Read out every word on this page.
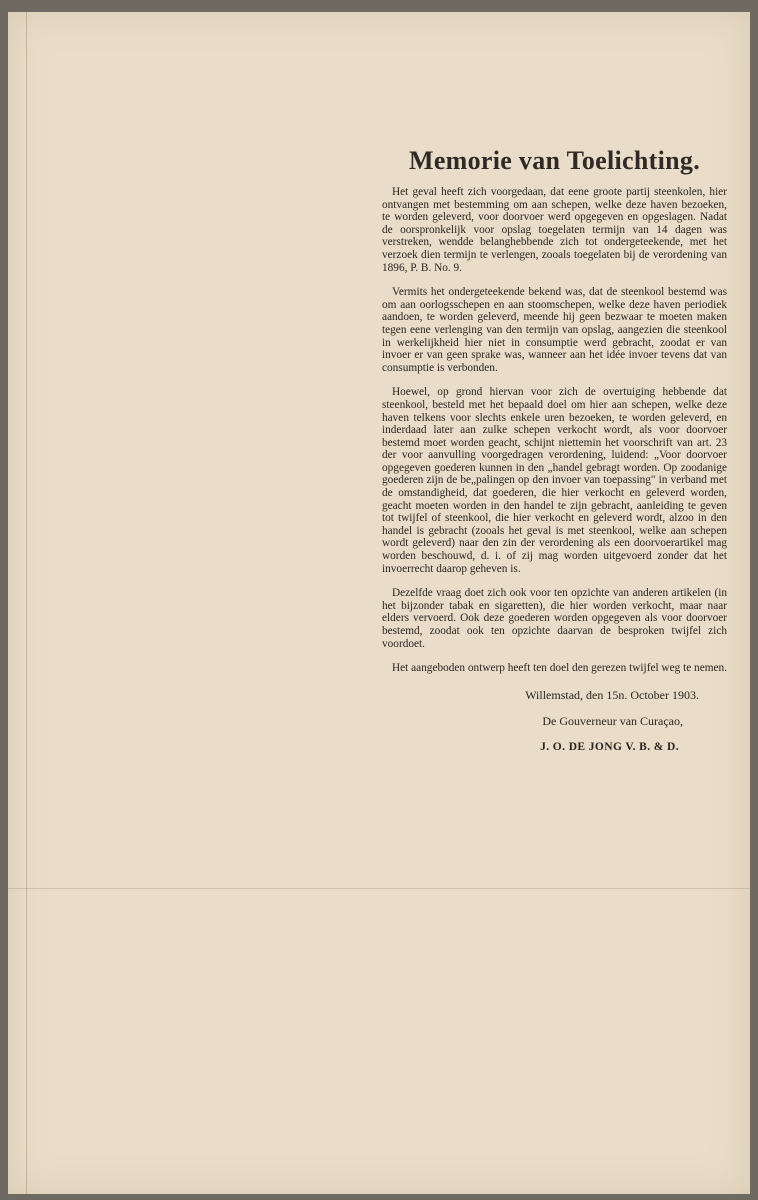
Memorie van Toelichting.

Het geval heeft zich voorgedaan, dat eene groote partij steenkolen, hier ontvangen met bestemming om aan schepen, welke deze haven bezoeken, te worden geleverd, voor doorvoer werd opgegeven en opgeslagen. Nadat de oorspronkelijk voor opslag toegelaten termijn van 14 dagen was verstreken, wendde belanghebbende zich tot ondergeteekende, met het verzoek dien termijn te verlengen, zooals toegelaten bij de verordening van 1896, P. B. No. 9.

Vermits het ondergeteekende bekend was, dat de steenkool bestemd was om aan oorlogsschepen en aan stoomschepen, welke deze haven periodiek aandoen, te worden geleverd, meende hij geen bezwaar te moeten maken tegen eene verlenging van den termijn van opslag, aangezien die steenkool in werkelijkheid hier niet in consumptie werd gebracht, zoodat er van invoer er van geen sprake was, wanneer aan het idée invoer tevens dat van consumptie is verbonden.

Hoewel, op grond hiervan voor zich de overtuiging hebbende dat steenkool, besteld met het bepaald doel om hier aan schepen, welke deze haven telkens voor slechts enkele uren bezoeken, te worden geleverd, en inderdaad later aan zulke schepen verkocht wordt, als voor doorvoer bestemd moet worden geacht, schijnt niettemin het voorschrift van art. 23 der voor aanvulling voorgedragen verordening, luidend: „Voor doorvoer opgegeven goederen kunnen in den „handel gebragt worden. Op zoodanige goederen zijn de be„palingen op den invoer van toepassing" in verband met de omstandigheid, dat goederen, die hier verkocht en geleverd worden, geacht moeten worden in den handel te zijn gebracht, aanleiding te geven tot twijfel of steenkool, die hier verkocht en geleverd wordt, alzoo in den handel is gebracht (zooals het geval is met steenkool, welke aan schepen wordt geleverd) naar den zin der verordening als een doorvoerartikel mag worden beschouwd, d. i. of zij mag worden uitgevoerd zonder dat het invoerrecht daarop geheven is.

Dezelfde vraag doet zich ook voor ten opzichte van anderen artikelen (in het bijzonder tabak en sigaretten), die hier worden verkocht, maar naar elders vervoerd. Ook deze goederen worden opgegeven als voor doorvoer bestemd, zoodat ook ten opzichte daarvan de besproken twijfel zich voordoet.

Het aangeboden ontwerp heeft ten doel den gerezen twijfel weg te nemen.

Willemstad, den 15n. October 1903.

De Gouverneur van Curaçao,

J. O. DE JONG V. B. & D.
